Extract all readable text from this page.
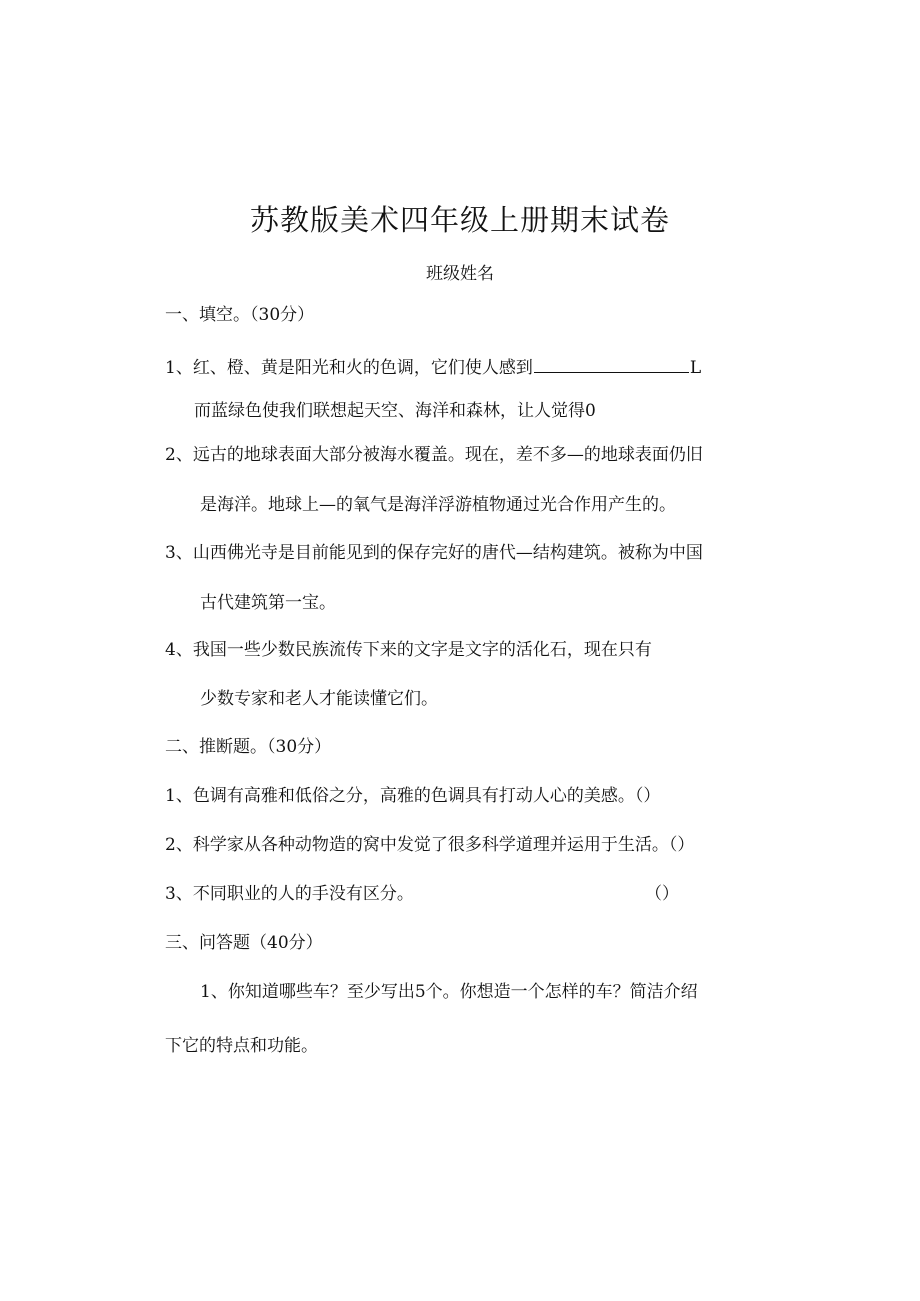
苏教版美术四年级上册期末试卷
班级姓名
一、填空。（30分）
1、红、橙、黄是阳光和火的色调，它们使人感到	L
而蓝绿色使我们联想起天空、海洋和森林，让人觉得0
2、远古的地球表面大部分被海水覆盖。现在，差不多—的地球表面仍旧
是海洋。地球上—的氧气是海洋浮游植物通过光合作用产生的。
3、山西佛光寺是目前能见到的保存完好的唐代—结构建筑。被称为中国
古代建筑第一宝。
4、我国一些少数民族流传下来的文字是文字的活化石，现在只有
少数专家和老人才能读懂它们。
二、推断题。（30分）
1、色调有高雅和低俗之分，高雅的色调具有打动人心的美感。（）
2、科学家从各种动物造的窝中发觉了很多科学道理并运用于生活。（）
3、不同职业的人的手没有区分。	（）
三、问答题（40分）
1、你知道哪些车？至少写出5个。你想造一个怎样的车？简洁介绍
下它的特点和功能。
